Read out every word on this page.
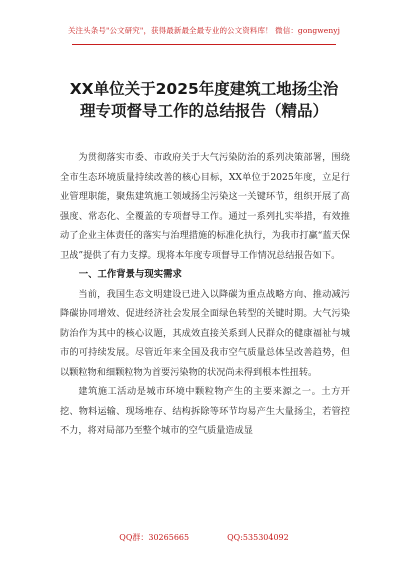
关注头条号"公文研究"，获得最新最全最专业的公文资料库！ 微信：gongwenyj
XX单位关于2025年度建筑工地扬尘治
理专项督导工作的总结报告（精品）

为贯彻落实市委、市政府关于大气污染防治的系列决策部署，围绕全市生态环境质量持续改善的核心目标，XX单位于2025年度，立足行业管理职能，聚焦建筑施工领域扬尘污染这一关键环节，组织开展了高强度、常态化、全覆盖的专项督导工作。通过一系列扎实举措，有效推动了企业主体责任的落实与治理措施的标准化执行，为我市打赢“蓝天保卫战”提供了有力支撑。现将本年度专项督导工作情况总结报告如下。

一、工作背景与现实需求

当前，我国生态文明建设已进入以降碳为重点战略方向、推动减污降碳协同增效、促进经济社会发展全面绿色转型的关键时期。大气污染防治作为其中的核心议题，其成效直接关系到人民群众的健康福祉与城市的可持续发展。尽管近年来全国及我市空气质量总体呈改善趋势，但以颗粒物和细颗粒物为首要污染物的状况尚未得到根本性扭转。

建筑施工活动是城市环境中颗粒物产生的主要来源之一。土方开挖、物料运输、现场堆存、结构拆除等环节均易产生大量扬尘，若管控不力，将对局部乃至整个城市的空气质量造成显

QQ群：30265665	QQ:535304092
